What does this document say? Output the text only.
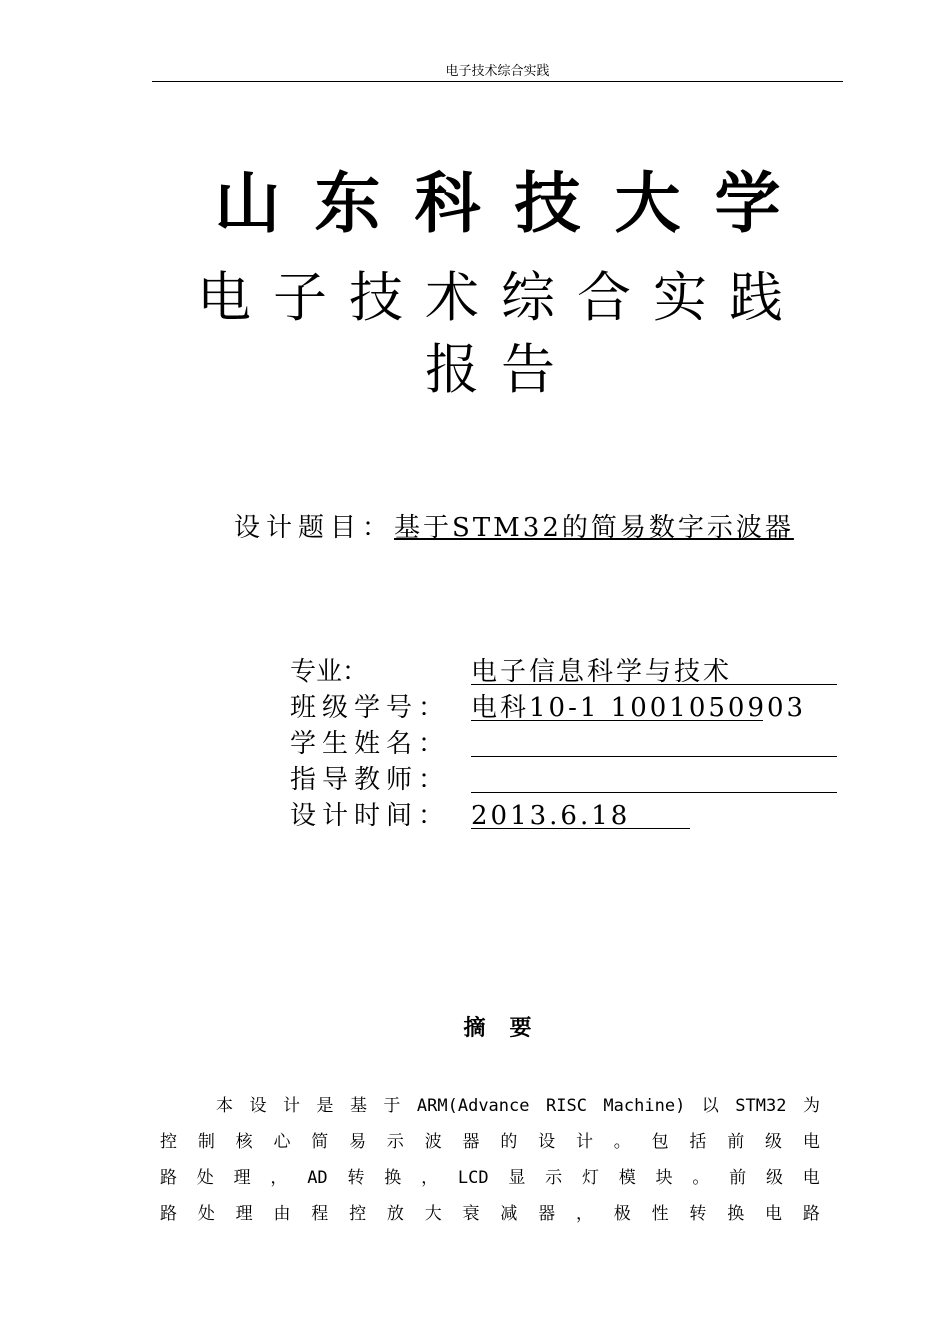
电子技术综合实践
山东科技大学
电子技术综合实践报告
设计题目：基于STM32的简易数字示波器
专业：	电子信息科学与技术
班级学号： 电科10-1 1001050903
学生姓名：
指导教师：
设计时间： 2013.6.18
摘要
本 设 计 是 基 于 ARM(Advance RISC Machine) 以 STM32 为
控 制 核 心 简 易 示 波 器 的 设 计 。 包 括 前 级 电
路 处 理 ， AD 转 换 ， LCD 显 示 灯 模 块 。 前 级 电
路 处 理 由 程 控 放 大 衰 减 器 ， 极 性 转 换 电 路
